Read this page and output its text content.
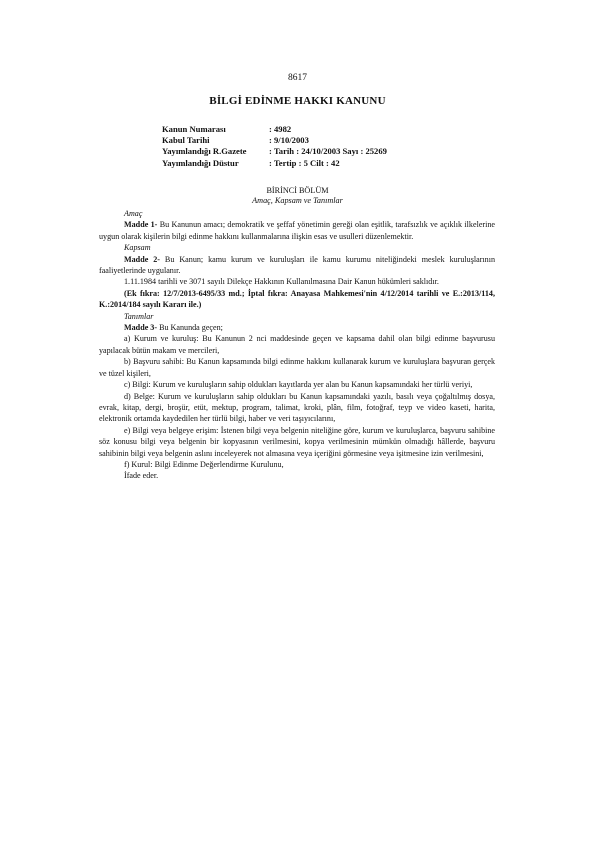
8617
BİLGİ EDİNME HAKKI KANUNU
Kanun Numarası	: 4982
Kabul Tarihi	: 9/10/2003
Yayımlandığı R.Gazete	: Tarih : 24/10/2003 Sayı : 25269
Yayımlandığı Düstur	: Tertip : 5 Cilt : 42
BİRİNCİ BÖLÜM
Amaç, Kapsam ve Tanımlar

Amaç

Madde 1- Bu Kanunun amacı; demokratik ve şeffaf yönetimin gereği olan eşitlik, tarafsızlık ve açıklık ilkelerine uygun olarak kişilerin bilgi edinme hakkını kullanmalarına ilişkin esas ve usulleri düzenlemektir.

Kapsam

Madde 2- Bu Kanun; kamu kurum ve kuruluşları ile kamu kurumu niteliğindeki meslek kuruluşlarının faaliyetlerinde uygulanır.

1.11.1984 tarihli ve 3071 sayılı Dilekçe Hakkının Kullanılmasına Dair Kanun hükümleri saklıdır.

(Ek fıkra: 12/7/2013-6495/33 md.; İptal fıkra: Anayasa Mahkemesi'nin 4/12/2014 tarihli ve E.:2013/114, K.:2014/184 sayılı Kararı ile.)

Tanımlar

Madde 3- Bu Kanunda geçen;

a) Kurum ve kuruluş: Bu Kanunun 2 nci maddesinde geçen ve kapsama dahil olan bilgi edinme başvurusu yapılacak bütün makam ve mercileri,

b) Başvuru sahibi: Bu Kanun kapsamında bilgi edinme hakkını kullanarak kurum ve kuruluşlara başvuran gerçek ve tüzel kişileri,

c) Bilgi: Kurum ve kuruluşların sahip oldukları kayıtlarda yer alan bu Kanun kapsamındaki her türlü veriyi,

d) Belge: Kurum ve kuruluşların sahip oldukları bu Kanun kapsamındaki yazılı, basılı veya çoğaltılmış dosya, evrak, kitap, dergi, broşür, etüt, mektup, program, talimat, kroki, plân, film, fotoğraf, teyp ve video kaseti, harita, elektronik ortamda kaydedilen her türlü bilgi, haber ve veri taşıyıcılarını,

e) Bilgi veya belgeye erişim: İstenen bilgi veya belgenin niteliğine göre, kurum ve kuruluşlarca, başvuru sahibine söz konusu bilgi veya belgenin bir kopyasının verilmesini, kopya verilmesinin mümkün olmadığı hâllerde, başvuru sahibinin bilgi veya belgenin aslını inceleyerek not almasına veya içeriğini görmesine veya işitmesine izin verilmesini,

f) Kurul: Bilgi Edinme Değerlendirme Kurulunu,

İfade eder.
